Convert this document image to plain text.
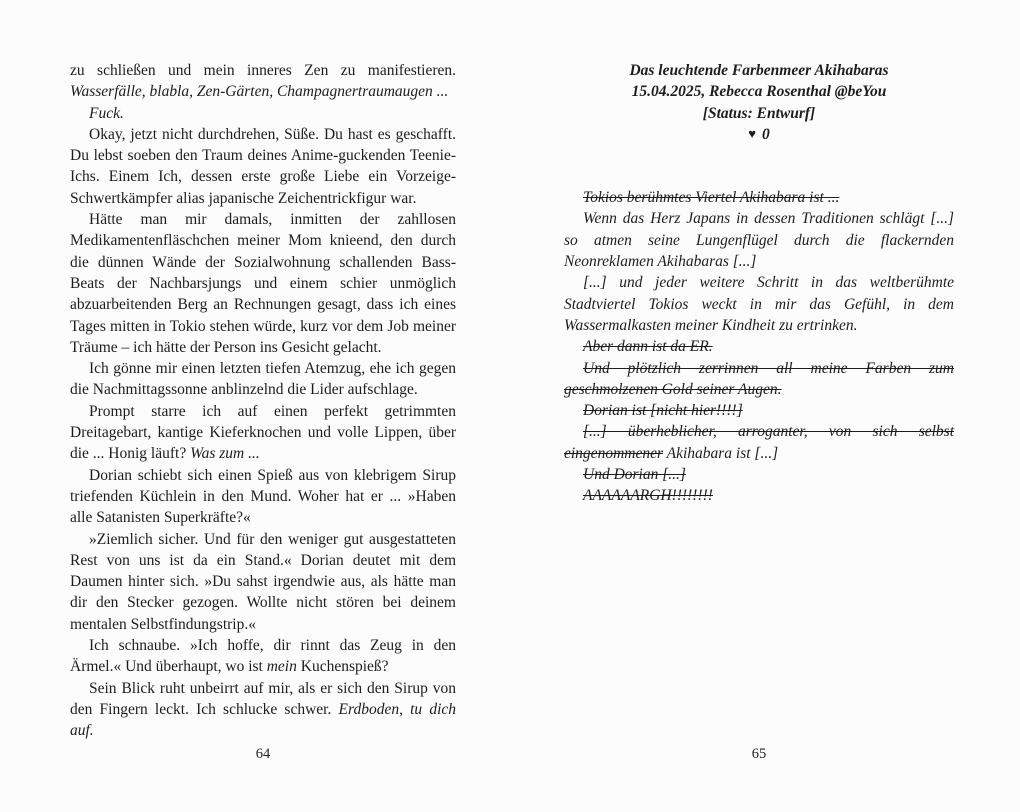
zu schließen und mein inneres Zen zu manifestieren. Wasserfälle, blabla, Zen-Gärten, Champagnertraumaugen ...

Fuck.

Okay, jetzt nicht durchdrehen, Süße. Du hast es geschafft. Du lebst soeben den Traum deines Anime-guckenden Teenie-Ichs. Einem Ich, dessen erste große Liebe ein Vorzeige-Schwertkämpfer alias japanische Zeichentrickfigur war.

Hätte man mir damals, inmitten der zahllosen Medikamentenfläschchen meiner Mom knieend, den durch die dünnen Wände der Sozialwohnung schallenden Bass-Beats der Nachbarsjungs und einem schier unmöglich abzuarbeitenden Berg an Rechnungen gesagt, dass ich eines Tages mitten in Tokio stehen würde, kurz vor dem Job meiner Träume – ich hätte der Person ins Gesicht gelacht.

Ich gönne mir einen letzten tiefen Atemzug, ehe ich gegen die Nachmittagssonne anblinzelnd die Lider aufschlage.

Prompt starre ich auf einen perfekt getrimmten Dreitagebart, kantige Kieferknochen und volle Lippen, über die ... Honig läuft? Was zum ...

Dorian schiebt sich einen Spieß aus von klebrigem Sirup triefenden Küchlein in den Mund. Woher hat er ... »Haben alle Satanisten Superkräfte?«

»Ziemlich sicher. Und für den weniger gut ausgestatteten Rest von uns ist da ein Stand.« Dorian deutet mit dem Daumen hinter sich. »Du sahst irgendwie aus, als hätte man dir den Stecker gezogen. Wollte nicht stören bei deinem mentalen Selbstfindungstrip.«

Ich schnaube. »Ich hoffe, dir rinnt das Zeug in den Ärmel.« Und überhaupt, wo ist mein Kuchenspieß?

Sein Blick ruht unbeirrt auf mir, als er sich den Sirup von den Fingern leckt. Ich schlucke schwer. Erdboden, tu dich auf.

64
Das leuchtende Farbenmeer Akihabaras
15.04.2025, Rebecca Rosenthal @beYou
[Status: Entwurf]
♥ 0

Tokios berühmtes Viertel Akihabara ist ...

Wenn das Herz Japans in dessen Traditionen schlägt [...] so atmen seine Lungenflügel durch die flackernden Neonreklamen Akihabaras [...]

[...] und jeder weitere Schritt in das weltberühmte Stadtviertel Tokios weckt in mir das Gefühl, in dem Wassermalkasten meiner Kindheit zu ertrinken.

Aber dann ist da ER.

Und plötzlich zerrinnen all meine Farben zum geschmolzenen Gold seiner Augen.

Dorian ist [nicht hier!!!!]

[...] überheblicher, arroganter, von sich selbst eingenommener Akihabara ist [...]

Und Dorian [...]

AAAAAARGH!!!!!!!!

65
